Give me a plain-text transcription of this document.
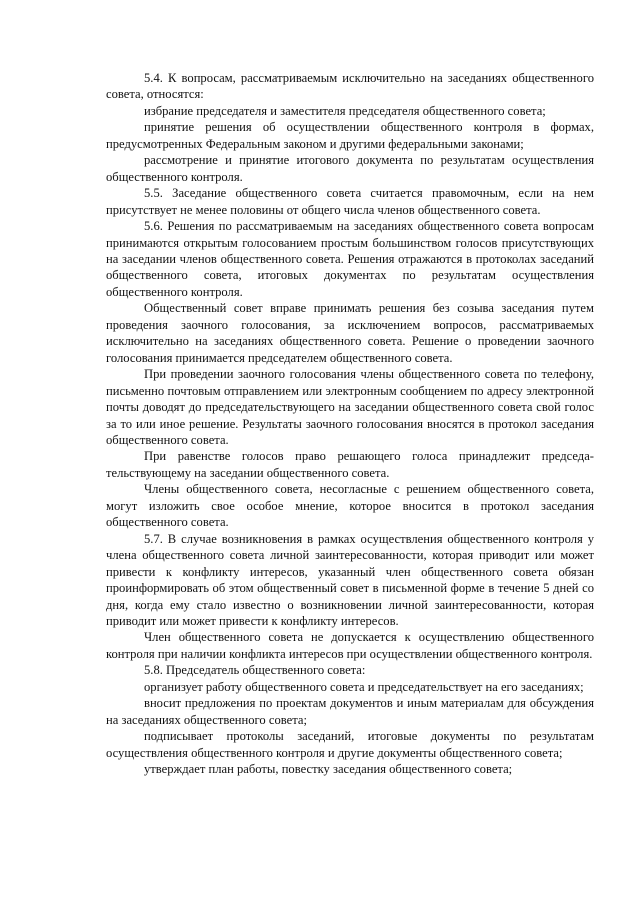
5.4. К вопросам, рассматриваемым исключительно на заседаниях общественного совета, относятся:

избрание председателя и заместителя председателя общественного совета;

принятие решения об осуществлении общественного контроля в формах, предусмотренных Федеральным законом и другими федеральными законами;

рассмотрение и принятие итогового документа по результатам осуществления общественного контроля.

5.5. Заседание общественного совета считается правомочным, если на нем присутствует не менее половины от общего числа членов общественного совета.

5.6. Решения по рассматриваемым на заседаниях общественного совета вопросам принимаются открытым голосованием простым большинством голосов присутствующих на заседании членов общественного совета. Решения отражаются в протоколах заседаний общественного совета, итоговых документах по результатам осуществления общественного контроля.

Общественный совет вправе принимать решения без созыва заседания путем проведения заочного голосования, за исключением вопросов, рассматриваемых исключительно на заседаниях общественного совета. Решение о проведении заочного голосования принимается председателем общественного совета.

При проведении заочного голосования члены общественного совета по телефону, письменно почтовым отправлением или электронным сообщением по адресу электронной почты доводят до председательствующего на заседании общественного совета свой голос за то или иное решение. Результаты заочного голосования вносятся в протокол заседания общественного совета.

При равенстве голосов право решающего голоса принадлежит председательствующему на заседании общественного совета.

Члены общественного совета, несогласные с решением общественного совета, могут изложить свое особое мнение, которое вносится в протокол заседания общественного совета.

5.7. В случае возникновения в рамках осуществления общественного контроля у члена общественного совета личной заинтересованности, которая приводит или может привести к конфликту интересов, указанный член общественного совета обязан проинформировать об этом общественный совет в письменной форме в течение 5 дней со дня, когда ему стало известно о возникновении личной заинтересованности, которая приводит или может привести к конфликту интересов.

Член общественного совета не допускается к осуществлению общественного контроля при наличии конфликта интересов при осуществлении общественного контроля.

5.8. Председатель общественного совета:

организует работу общественного совета и председательствует на его заседаниях;

вносит предложения по проектам документов и иным материалам для обсуждения на заседаниях общественного совета;

подписывает протоколы заседаний, итоговые документы по результатам осуществления общественного контроля и другие документы общественного совета;

утверждает план работы, повестку заседания общественного совета;
